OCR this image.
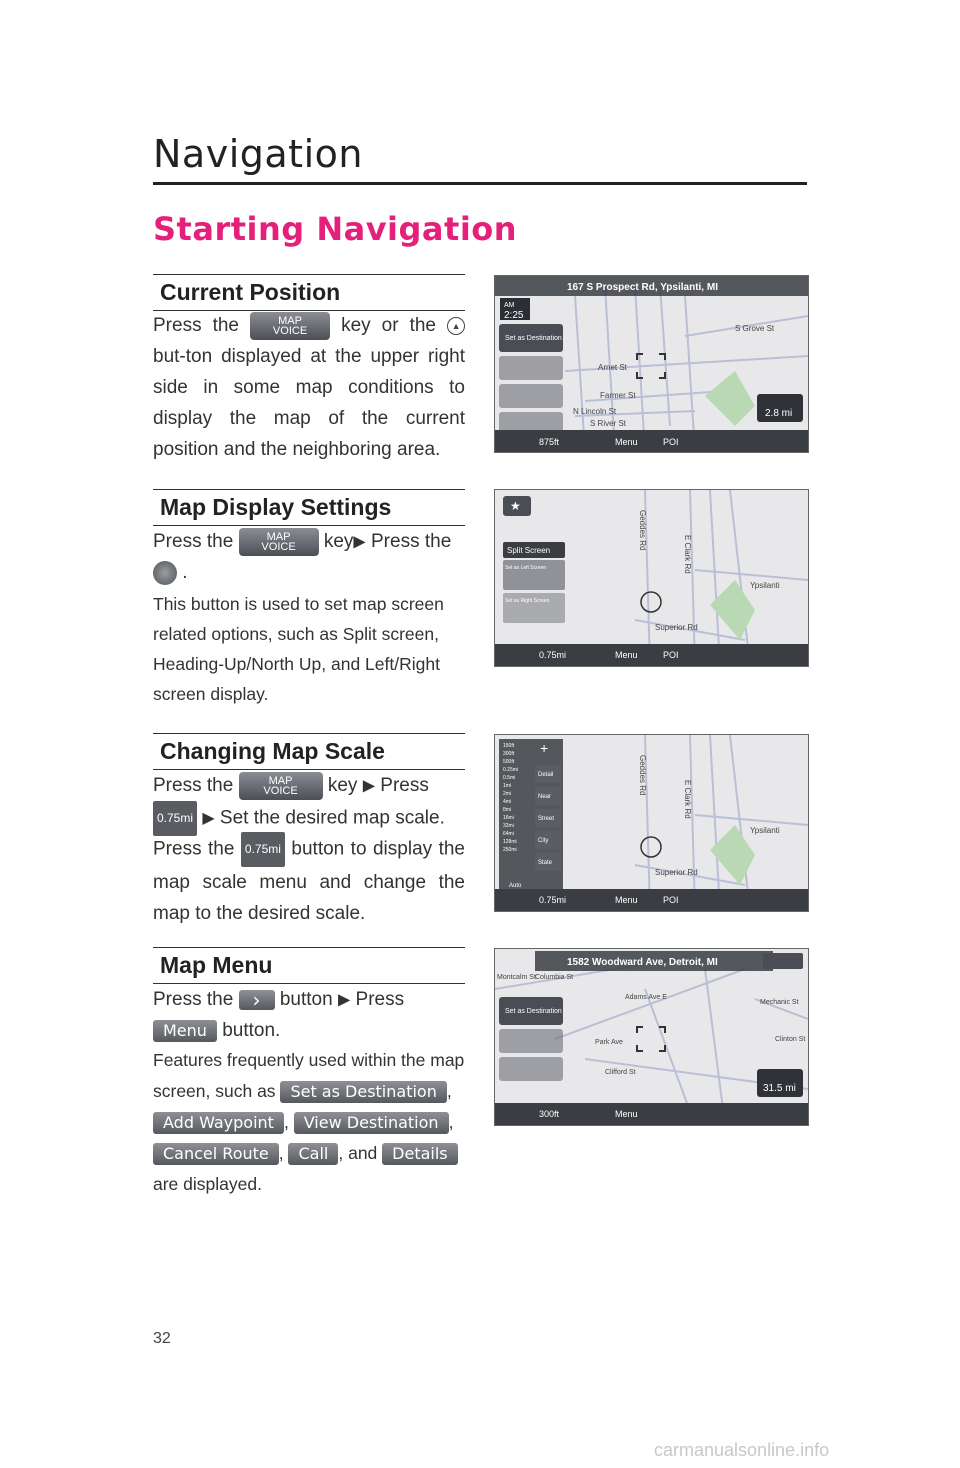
Navigation
Starting Navigation
Current Position
Press the	MAP
VOICE key or the ▲ but-ton displayed at the upper right side in some map conditions to display the map of the current position and the neighboring area.
Map Display Settings
Press the	MAP
VOICE key▶ Press the
.
This button is used to set map screen related options, such as Split screen, Heading-Up/North Up, and Left/Right screen display.
Changing Map Scale
Press the	MAP
VOICE key ▶ Press
0.75mi ▶ Set the desired map scale.
Press the 0.75mi button to display the map scale menu and change the map to the desired scale.
Map Menu
Press the › button ▶ Press
Menu button.
Features frequently used within the map screen, such as Set as Destination , Add Waypoint , View Destination , Cancel Route , Call , and Details are displayed.
167 S Prospect Rd, Ypsilanti, MI
AM
2:25
Set as Destination
Arnet St
Farmer St
N Lincoln St
S River St
S Grove St
2.8 mi
875ft	Menu	POI
★
Split Screen
Set as Left Screen
Set as Right Screen
Geddes Rd
E Clark Rd
Superior Rd
Ypsilanti
0.75mi	Menu	POI
150ft
300ft
500ft
0.25mi
0.5mi
1mi
2mi
4mi
8mi
16mi
32mi
64mi
128mi
250mi
+
Detail
Near
Street
City
State
Auto
Geddes Rd
E Clark Rd
Superior Rd
Ypsilanti
0.75mi	Menu	POI
1582 Woodward Ave, Detroit, MI
Set as Destination
Montcalm St Columbia St
Adams Ave E
Park Ave
Clifford St
Mechanic St
Clinton St
31.5 mi
300ft	Menu
32
carmanualsonline.info
